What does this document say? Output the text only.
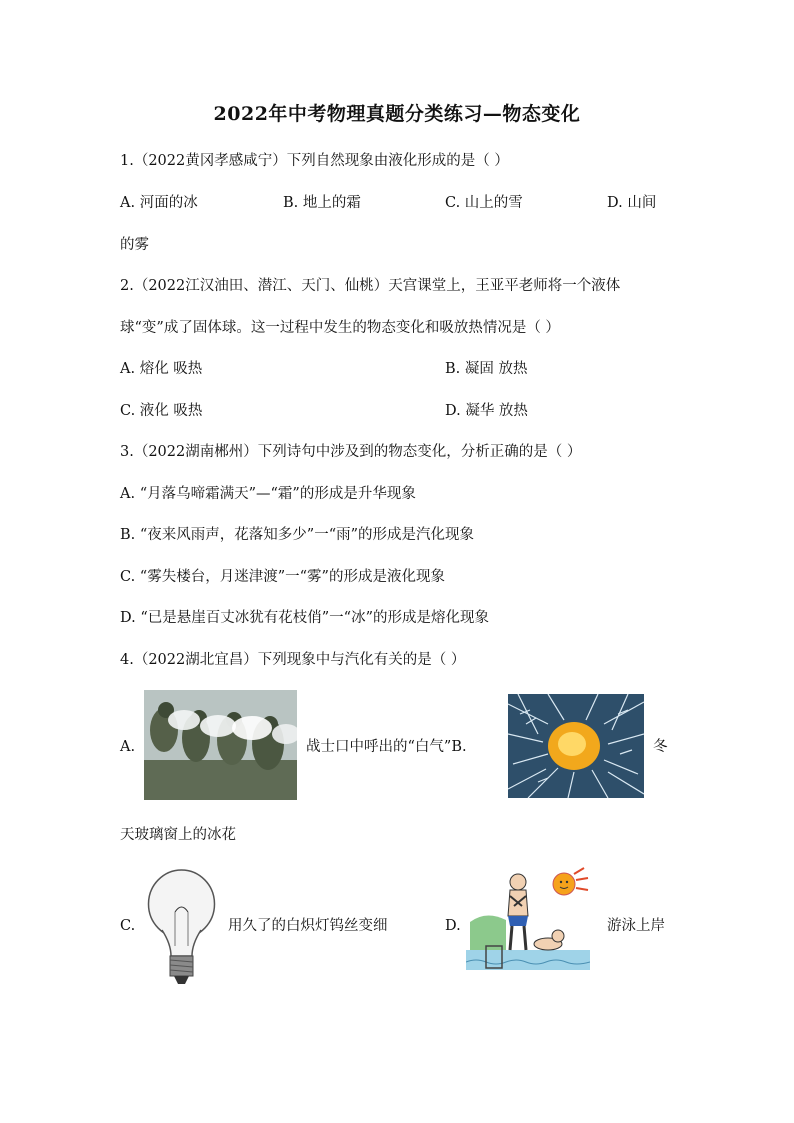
2022年中考物理真题分类练习—物态变化
1.（2022黄冈孝感咸宁）下列自然现象由液化形成的是（ ）
A. 河面的冰	B. 地上的霜	C. 山上的雪	D. 山间
的雾
2.（2022江汉油田、潜江、天门、仙桃）天宫课堂上，王亚平老师将一个液体
球“变”成了固体球。这一过程中发生的物态变化和吸放热情况是（ ）
A. 熔化 吸热	B. 凝固 放热
C. 液化 吸热	D. 凝华 放热
3.（2022湖南郴州）下列诗句中涉及到的物态变化，分析正确的是（ ）
A. “月落乌啼霜满天”—“霜”的形成是升华现象
B. “夜来风雨声，花落知多少”一“雨”的形成是汽化现象
C. “雾失楼台，月迷津渡”一“雾”的形成是液化现象
D. “已是悬崖百丈冰犹有花枝俏”一“冰”的形成是熔化现象
4.（2022湖北宜昌）下列现象中与汽化有关的是（ ）
A.	战士口中呼出的“白气”B.	冬
天玻璃窗上的冰花
C.	用久了的白炽灯钨丝变细	D.	游泳上岸
